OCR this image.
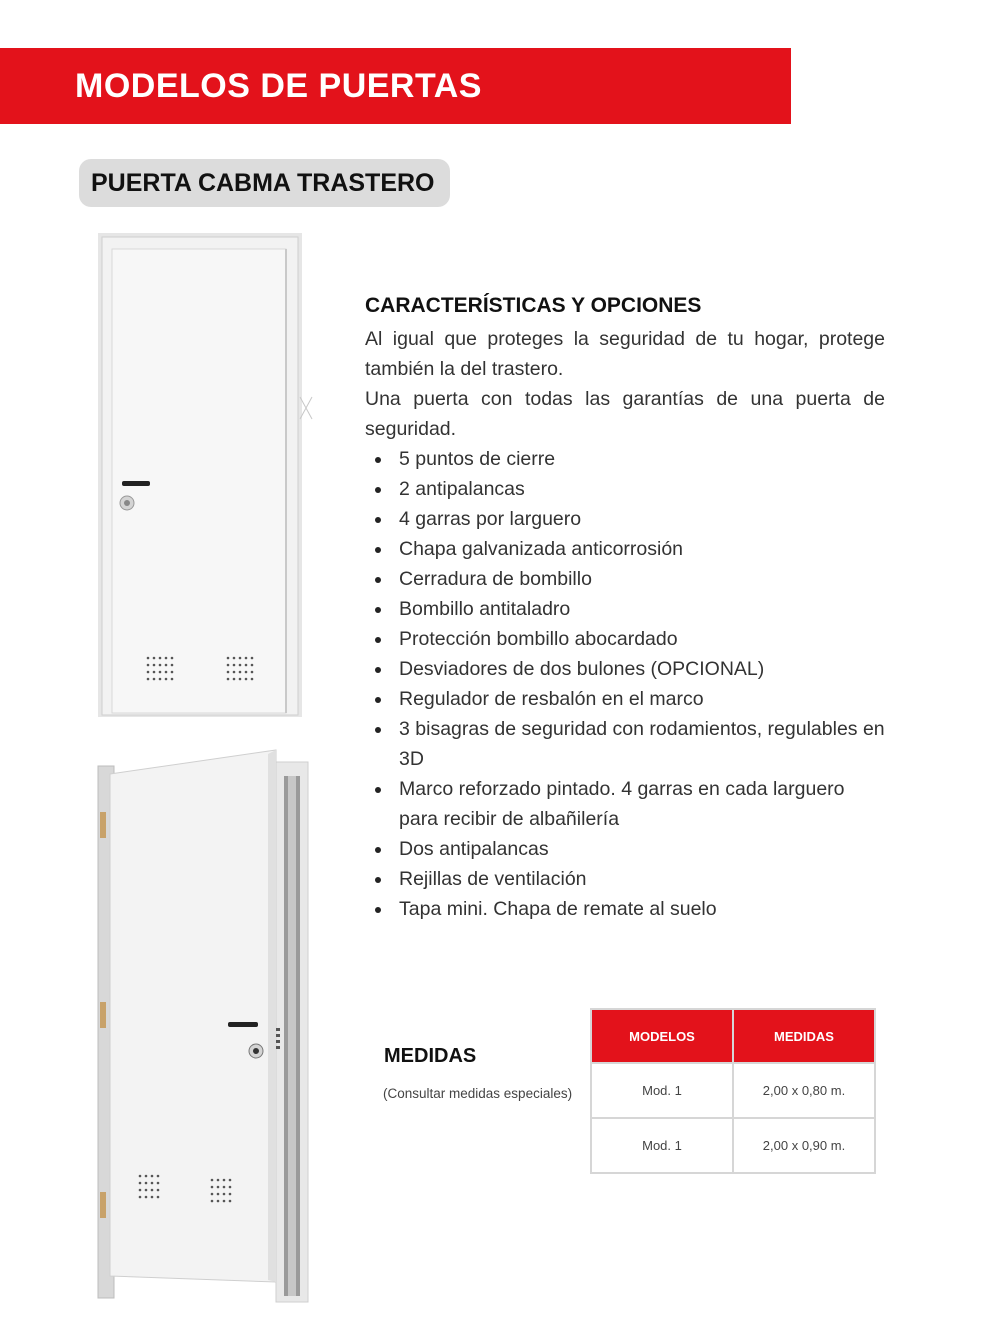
MODELOS DE PUERTAS
PUERTA CABMA TRASTERO
CARACTERÍSTICAS Y OPCIONES

Al igual que proteges la seguridad de tu hogar, protege también la del trastero.

Una puerta con todas las garantías de una puerta de seguridad.

5 puntos de cierre
2 antipalancas
4 garras por larguero
Chapa galvanizada anticorrosión
Cerradura de bombillo
Bombillo antitaladro
Protección bombillo abocardado
Desviadores de dos bulones (OPCIONAL)
Regulador de resbalón en el marco
3 bisagras de seguridad con rodamientos, regulables en 3D
Marco reforzado pintado. 4 garras en cada larguero para recibir de albañilería
Dos antipalancas
Rejillas de ventilación
Tapa mini. Chapa de remate al suelo
MEDIDAS
(Consultar medidas especiales)
MODELOS	MEDIDAS
Mod. 1	2,00 x 0,80 m.
Mod. 1	2,00 x 0,90 m.
